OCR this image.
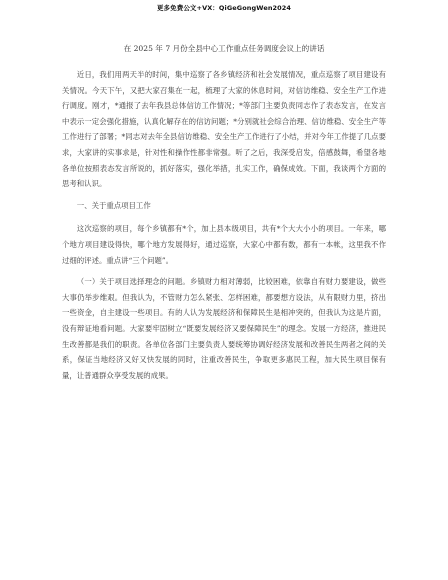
更多免费公文+VX：QiGeGongWen2024
在 2025 年 7 月份全县中心工作重点任务调度会议上的讲话

近日，我们用两天半的时间，集中巡察了各乡镇经济和社会发展情况，重点巡察了项目建设有关情况。今天下午，又把大家召集在一起，梳理了大家的休息时间，对信访维稳、安全生产工作进行调度。刚才，*通报了去年我县总体信访工作情况；*等部门主要负责同志作了表态发言，在发言中表示一定会强化措施，认真化解存在的信访问题；*分别就社会综合治理、信访维稳、安全生产等工作进行了部署；*同志对去年全县信访维稳、安全生产工作进行了小结，并对今年工作提了几点要求，大家讲的实事求是，针对性和操作性都非常强。听了之后，我深受启发，倍感鼓舞，希望各地各单位按照表态发言所说的，抓好落实，强化举措，扎实工作，确保成效。下面，我谈两个方面的思考和认识。

一、关于重点项目工作

这次巡察的项目，每个乡镇都有*个，加上县本级项目，共有*个大大小小的项目。一年来，哪个地方项目建设得快，哪个地方发展得好，通过巡察，大家心中都有数，都有一本帐，这里我不作过细的评述。重点讲“三个问题”。

（一）关于项目选择理念的问题。乡镇财力相对薄弱，比较困难，依靠自有财力要建设，做些大事仍举步维艰。但我认为，不管财力怎么紧张、怎样困难，都要想方设法，从有限财力里，挤出一些资金，自主建设一些项目。有的人认为发展经济和保障民生是相冲突的，但我认为这是片面，没有辩证地看问题。大家要牢固树立“既要发展经济又要保障民生”的理念。发展一方经济，推进民生改善都是我们的职责。各单位各部门主要负责人要统筹协调好经济发展和改善民生两者之间的关系，保证当地经济又好又快发展的同时，注重改善民生，争取更多惠民工程，加大民生项目保有量，让普通群众享受发展的成果。
